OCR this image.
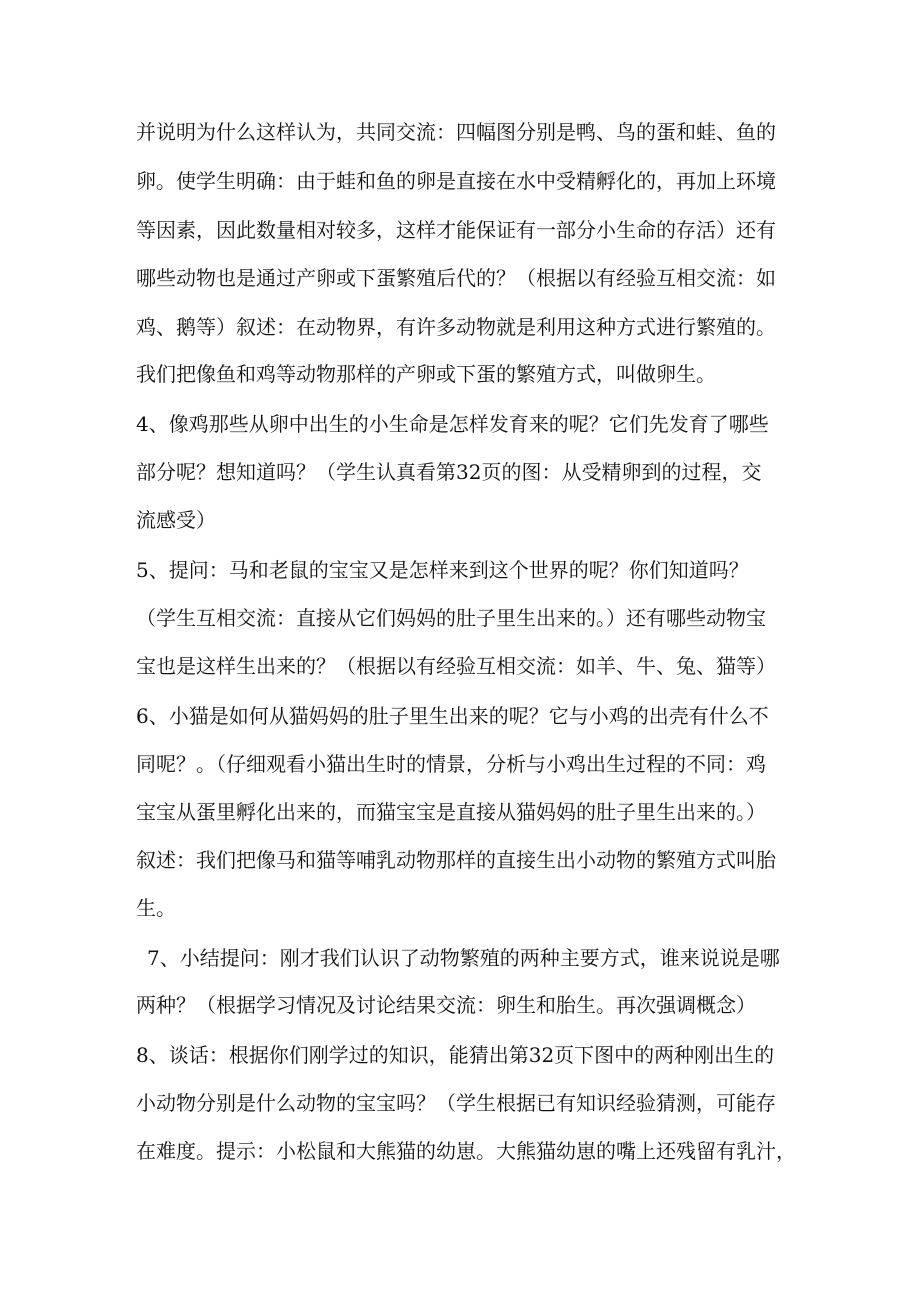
并说明为什么这样认为，共同交流：四幅图分别是鸭、鸟的蛋和蛙、鱼的
卵。使学生明确：由于蛙和鱼的卵是直接在水中受精孵化的，再加上环境
等因素，因此数量相对较多，这样才能保证有一部分小生命的存活）还有
哪些动物也是通过产卵或下蛋繁殖后代的？（根据以有经验互相交流：如
鸡、鹅等）叙述：在动物界，有许多动物就是利用这种方式进行繁殖的。
我们把像鱼和鸡等动物那样的产卵或下蛋的繁殖方式，叫做卵生。
4、像鸡那些从卵中出生的小生命是怎样发育来的呢？它们先发育了哪些
部分呢？想知道吗？（学生认真看第32页的图：从受精卵到的过程，交
流感受）
5、提问：马和老鼠的宝宝又是怎样来到这个世界的呢？你们知道吗？
（学生互相交流：直接从它们妈妈的肚子里生出来的。）还有哪些动物宝
宝也是这样生出来的？（根据以有经验互相交流：如羊、牛、兔、猫等）
6、小猫是如何从猫妈妈的肚子里生出来的呢？它与小鸡的出壳有什么不
同呢？。（仔细观看小猫出生时的情景，分析与小鸡出生过程的不同：鸡
宝宝从蛋里孵化出来的，而猫宝宝是直接从猫妈妈的肚子里生出来的。）
叙述：我们把像马和猫等哺乳动物那样的直接生出小动物的繁殖方式叫胎
生。
7、小结提问：刚才我们认识了动物繁殖的两种主要方式，谁来说说是哪
两种？（根据学习情况及讨论结果交流：卵生和胎生。再次强调概念）
8、谈话：根据你们刚学过的知识，能猜出第32页下图中的两种刚出生的
小动物分别是什么动物的宝宝吗？（学生根据已有知识经验猜测，可能存
在难度。提示：小松鼠和大熊猫的幼崽。大熊猫幼崽的嘴上还残留有乳汁，
